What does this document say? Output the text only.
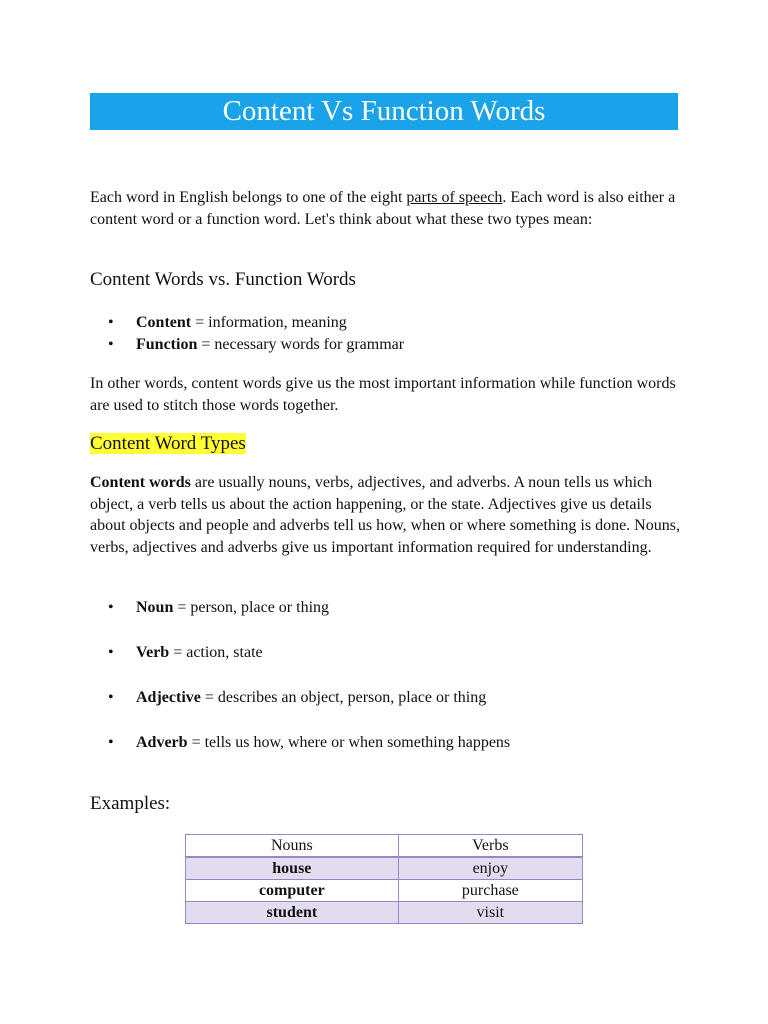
Content Vs Function Words

Each word in English belongs to one of the eight parts of speech. Each word is also either a content word or a function word. Let's think about what these two types mean:

Content Words vs. Function Words
• Content = information, meaning
• Function = necessary words for grammar

In other words, content words give us the most important information while function words are used to stitch those words together.

Content Word Types

Content words are usually nouns, verbs, adjectives, and adverbs. A noun tells us which object, a verb tells us about the action happening, or the state. Adjectives give us details about objects and people and adverbs tell us how, when or where something is done. Nouns, verbs, adjectives and adverbs give us important information required for understanding.

• Noun = person, place or thing
• Verb = action, state
• Adjective = describes an object, person, place or thing
• Adverb = tells us how, where or when something happens
Examples:
Nouns	Verbs
house	enjoy
computer	purchase
student	visit
